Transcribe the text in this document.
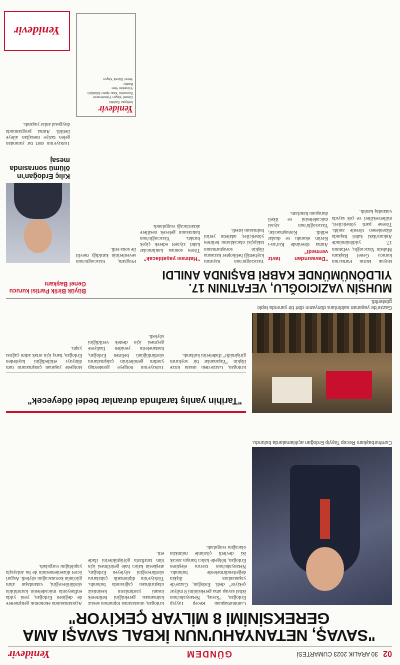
02
30 ARALIK 2023 CUMARTESİ
GÜNDEM
Yenidevir
"SAVAŞ, NETANYAHU'NUN İKBAL SAVAŞI AMA GEREKSİNİMİ 8 MİLYAR ÇEKİYOR"
Cumhurbaşkanı Recep Tayyip Erdoğan açıklamalarda bulundu.

Cumhurbaşkanı Recep Tayyip Erdoğan, "Savaş, Netanyahu'nun ikbal savaşı ama gereksinimi 8 milyar çekiyor" dedi. Erdoğan, Gazze'de yaşananlara ilişkin değerlendirmelerde bulundu. Netanyahu'nun tavrını eleştiren Erdoğan, bölgede kalıcı barışın ancak iki devletli çözümle mümkün olacağını vurguladı.

Erdoğan, uluslararası toplumun sessiz kalmaması gerektiğini belirterek insani yardımların kesintisiz ulaştırılması çağrısında bulundu. Türkiye'nin diplomatik çabalarını sürdüreceğini söyleyen Erdoğan, ateşkesin kalıcı hale getirilmesi için tüm taraflarla görüştüklerini ifade etti.

Açıklamasında ekonomik gelişmelere de değinen Erdoğan, yeni yılda enflasyonla mücadelenin kararlılıkla sürdürüleceğini, vatandaşın alım gücünün korunacağını söyledi. Asgari ücret düzenlemesinin de bu anlayışla yapıldığını vurguladı.

"Tarihin yanlış tarafında duranlar bedel ödeyecek"
Gazze'de yaşanan saldırılara dünyanın dört bir yanında tepki gösterildi.

Erdoğan, Gazze'deki insani krize ilişkin "Yaşananlar bir soykırım girişimidir" ifadelerini kullandı.

Türkiye'nin bölgeye gönderdiği yardım gemilerinin çalışmalarını sürdürdüğünü belirten Erdoğan, hastanelerin yeniden faaliyete geçmesi için destek verildiğini söyledi.

Bölgede yaşanan çatışmaların tüm dünyayı etkilediğini kaydeden Erdoğan, barış için ortak adım çağrısı yaptı.

MUHSİN VAZICIOĞLU, VEFATININ 17. YILDÖNÜMÜNDE KABRİ BAŞINDA ANILDI
Büyük Birlik Partisi kurucu Genel Başkanı

Büyük Birlik Partisi'nin kurucu Genel Başkanı Muhsin Yazıcıoğlu, vefatının 17. yıldönümünde Ankara'daki kabri başında düzenlenen törenle anıldı. Törene parti yöneticileri, milletvekilleri ve çok sayıda vatandaş katıldı.

"Davasından taviz vermedi"

Anma töreninde Kur'an-ı Kerim okundu ve dualar edildi. Konuşmacılar, Yazıcıoğlu'nun siyasi mücadelesini ve ilkeli duruşunu hatırlattı.

Yazıcıoğlu'nun hayatını kaybettiği helikopter kazasına ilişkin soruşturmanın takipçisi olacaklarını belirten yöneticiler, adaletin yerini bulmasını istedi.

"Hatırası yaşatılacak"

Tören sonrası katılımcılar kabri ziyaret ederek çiçek bıraktı. Yazıcıoğlu'nun hatırasının gelecek nesillere aktarılacağı vurgulandı.

Program, Yazıcıoğlu'nun sevenlerinin katıldığı mevlit ile sona erdi.

Kılıç Erdoğan'ın ölümü sonrasında mesaj

Türkiye'nin dört bir yanından gelen taziye mesajları aileye iletildi. Anma programında duygusal anlar yaşandı.

Yenidevir
İmtiyaz Sahibi
Genel Yayın Yönetmeni
Sorumlu Yazı İşleri Müdürü
Yönetim Yeri
Baskı
Yerel Süreli Yayın
Yenidevir
